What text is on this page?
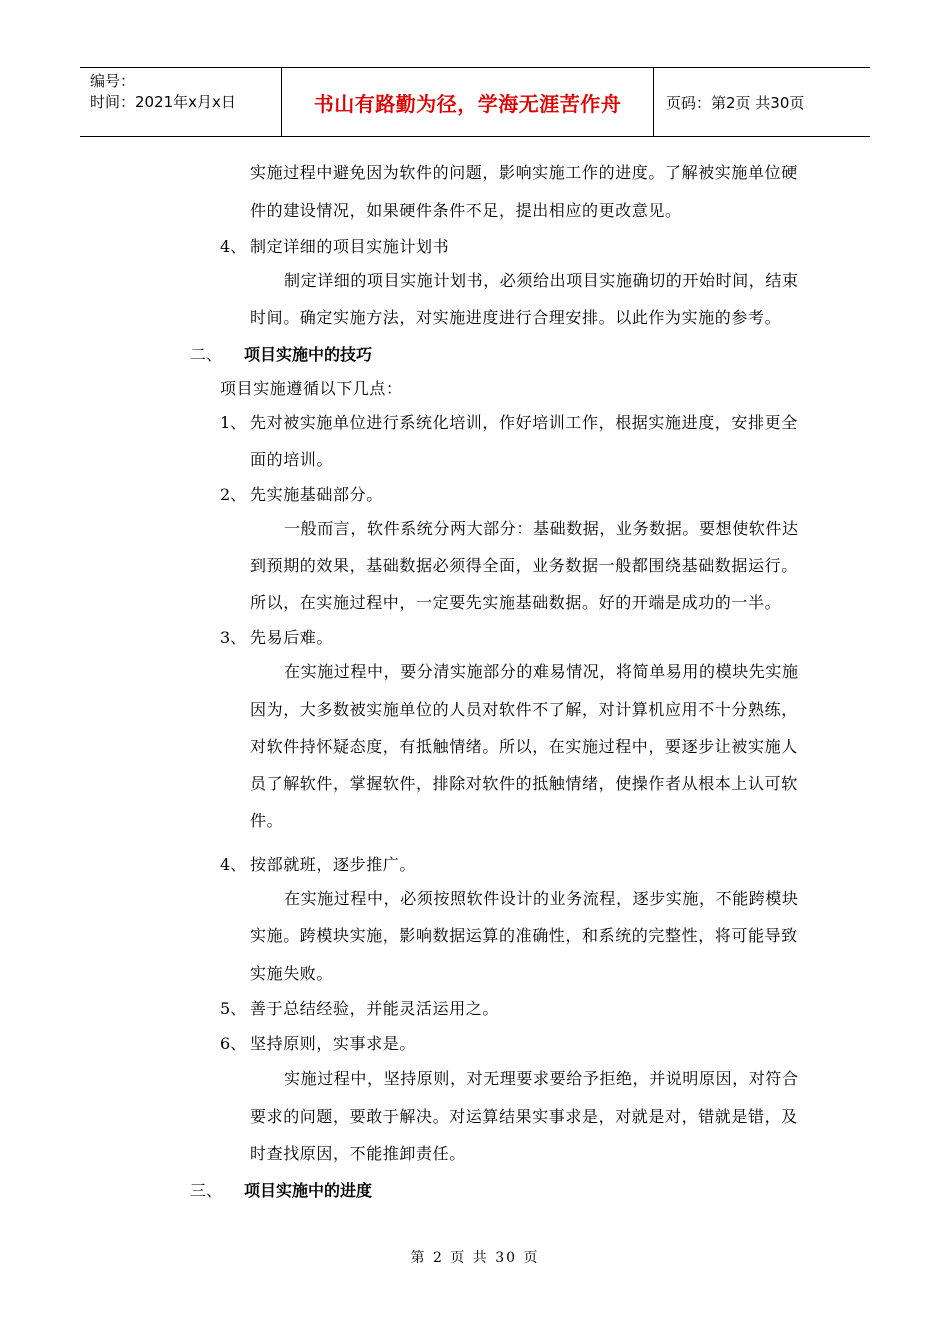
编号：
时间：2021年x月x日	书山有路勤为径，学海无涯苦作舟	页码：第2页 共30页
实施过程中避免因为软件的问题，影响实施工作的进度。了解被实施单位硬
件的建设情况，如果硬件条件不足，提出相应的更改意见。
4、 制定详细的项目实施计划书
制定详细的项目实施计划书，必须给出项目实施确切的开始时间，结束
时间。确定实施方法，对实施进度进行合理安排。以此作为实施的参考。
二、 项目实施中的技巧
项目实施遵循以下几点：
1、 先对被实施单位进行系统化培训，作好培训工作，根据实施进度，安排更全
面的培训。
2、 先实施基础部分。
一般而言，软件系统分两大部分：基础数据，业务数据。要想使软件达
到预期的效果，基础数据必须得全面，业务数据一般都围绕基础数据运行。
所以，在实施过程中，一定要先实施基础数据。好的开端是成功的一半。
3、 先易后难。
在实施过程中，要分清实施部分的难易情况，将简单易用的模块先实施
因为，大多数被实施单位的人员对软件不了解，对计算机应用不十分熟练，
对软件持怀疑态度，有抵触情绪。所以，在实施过程中，要逐步让被实施人
员了解软件，掌握软件，排除对软件的抵触情绪，使操作者从根本上认可软
件。
4、 按部就班，逐步推广。
在实施过程中，必须按照软件设计的业务流程，逐步实施，不能跨模块
实施。跨模块实施，影响数据运算的准确性，和系统的完整性，将可能导致
实施失败。
5、 善于总结经验，并能灵活运用之。
6、 坚持原则，实事求是。
实施过程中，坚持原则，对无理要求要给予拒绝，并说明原因，对符合
要求的问题，要敢于解决。对运算结果实事求是，对就是对，错就是错，及
时查找原因，不能推卸责任。
三、 项目实施中的进度
第 2 页 共 30 页
